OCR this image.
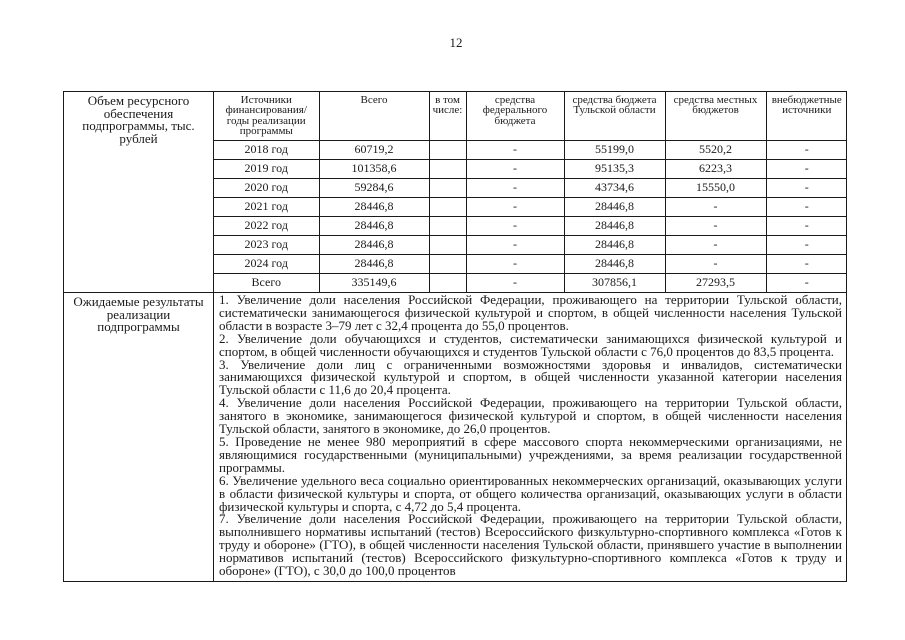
12
Объем ресурсного обеспечения подпрограммы, тыс. рублей	
Источники финансирования/ годы реализации программы	Всего	в том числе:	средства федерального бюджета	средства бюджета Тульской области	средства местных бюджетов	внебюджетные источники
2018 год	60719,2		-	55199,0	5520,2	-
2019 год	101358,6		-	95135,3	6223,3	-
2020 год	59284,6		-	43734,6	15550,0	-
2021 год	28446,8		-	28446,8	-	-
2022 год	28446,8		-	28446,8	-	-
2023 год	28446,8		-	28446,8	-	-
2024 год	28446,8		-	28446,8	-	-
Всего	335149,6		-	307856,1	27293,5	-

Ожидаемые результаты реализации подпрограммы	

1. Увеличение доли населения Российской Федерации, проживающего на территории Тульской области, систематически занимающегося физической культурой и спортом, в общей численности населения Тульской области в возрасте 3–79 лет с 32,4 процента до 55,0 процентов.

2. Увеличение доли обучающихся и студентов, систематически занимающихся физической культурой и спортом, в общей численности обучающихся и студентов Тульской области с 76,0 процентов до 83,5 процента.

3. Увеличение доли лиц с ограниченными возможностями здоровья и инвалидов, систематически занимающихся физической культурой и спортом, в общей численности указанной категории населения Тульской области с 11,6 до 20,4 процента.

4. Увеличение доли населения Российской Федерации, проживающего на территории Тульской области, занятого в экономике, занимающегося физической культурой и спортом, в общей численности населения Тульской области, занятого в экономике, до 26,0 процентов.

5. Проведение не менее 980 мероприятий в сфере массового спорта некоммерческими организациями, не являющимися государственными (муниципальными) учреждениями, за время реализации государственной программы.

6. Увеличение удельного веса социально ориентированных некоммерческих организаций, оказывающих услуги в области физической культуры и спорта, от общего количества организаций, оказывающих услуги в области физической культуры и спорта, с 4,72 до 5,4 процента.

7. Увеличение доли населения Российской Федерации, проживающего на территории Тульской области, выполнившего нормативы испытаний (тестов) Всероссийского физкультурно-спортивного комплекса «Готов к труду и обороне» (ГТО), в общей численности населения Тульской области, принявшего участие в выполнении нормативов испытаний (тестов) Всероссийского физкультурно-спортивного комплекса «Готов к труду и обороне» (ГТО), с 30,0 до 100,0 процентов
